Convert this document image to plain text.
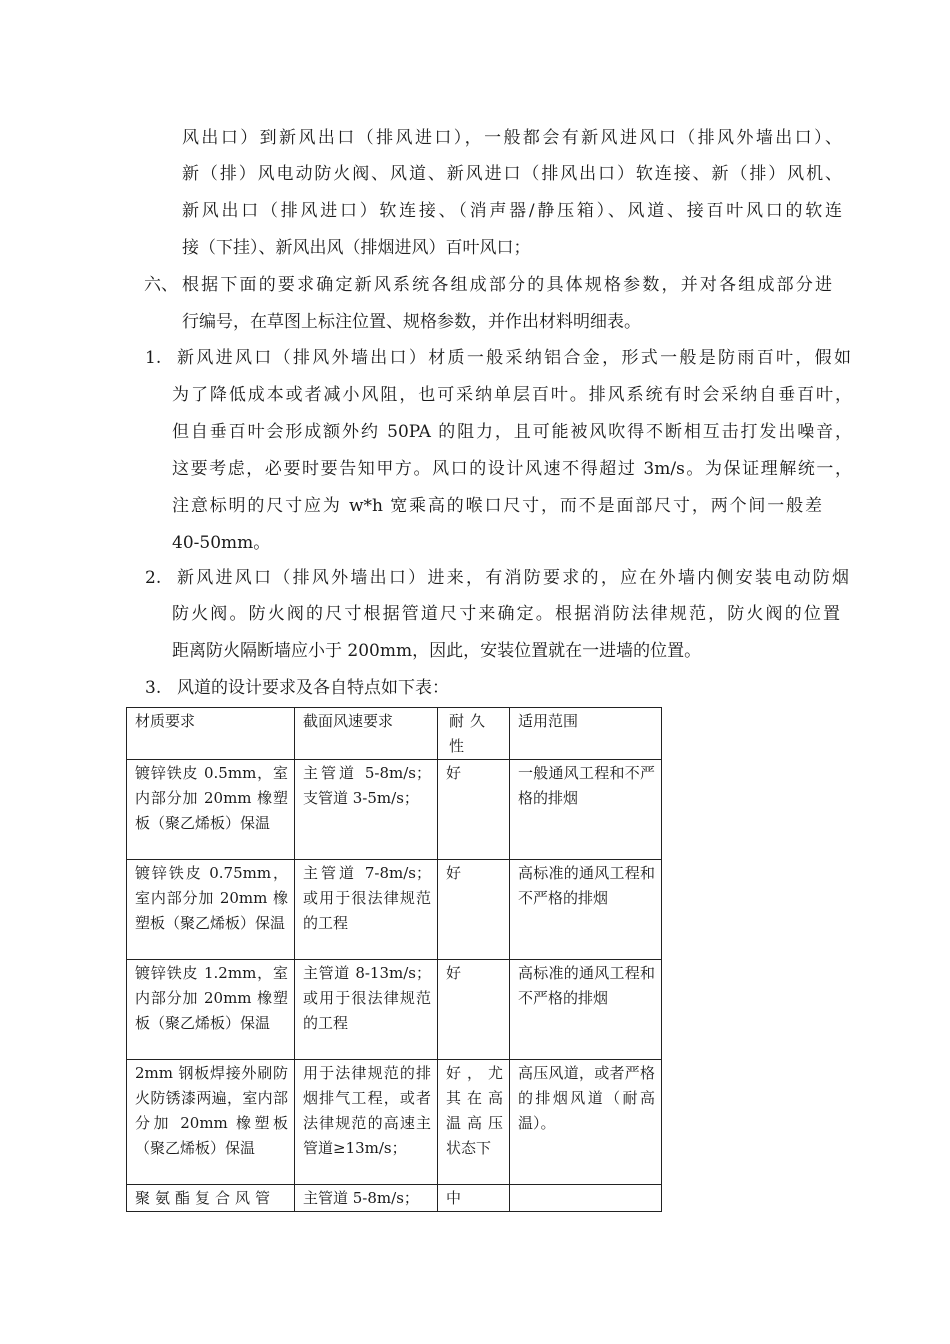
风出口）到新风出口（排风进口），一般都会有新风进风口（排风外墙出口）、
新（排）风电动防火阀、风道、新风进口（排风出口）软连接、新（排）风机、
新风出口（排风进口）软连接、（消声器/静压箱）、风道、接百叶风口的软连
接（下挂）、新风出风（排烟进风）百叶风口；
六、 根据下面的要求确定新风系统各组成部分的具体规格参数，并对各组成部分进
行编号，在草图上标注位置、规格参数，并作出材料明细表。
1. 新风进风口（排风外墙出口）材质一般采纳铝合金，形式一般是防雨百叶，假如
为了降低成本或者减小风阻，也可采纳单层百叶。排风系统有时会采纳自垂百叶，
但自垂百叶会形成额外约 50PA 的阻力，且可能被风吹得不断相互击打发出噪音，
这要考虑，必要时要告知甲方。风口的设计风速不得超过 3m/s。为保证理解统一，
注意标明的尺寸应为 w*h 宽乘高的喉口尺寸，而不是面部尺寸，两个间一般差
40-50mm。
2. 新风进风口（排风外墙出口）进来，有消防要求的，应在外墙内侧安装电动防烟
防火阀。防火阀的尺寸根据管道尺寸来确定。根据消防法律规范，防火阀的位置
距离防火隔断墙应小于 200mm，因此，安装位置就在一进墙的位置。
3. 风道的设计要求及各自特点如下表：
材质要求	截面风速要求	耐久性	适用范围
镀锌铁皮 0.5mm，室内部分加 20mm 橡塑板（聚乙烯板）保温	主管道 5-8m/s；支管道 3-5m/s；	好	一般通风工程和不严格的排烟
镀锌铁皮 0.75mm，室内部分加 20mm 橡塑板（聚乙烯板）保温	主管道 7-8m/s；或用于很法律规范的工程	好	高标准的通风工程和不严格的排烟
镀锌铁皮 1.2mm，室内部分加 20mm 橡塑板（聚乙烯板）保温	主管道 8-13m/s；或用于很法律规范的工程	好	高标准的通风工程和不严格的排烟
2mm 钢板焊接外刷防火防锈漆两遍，室内部分加 20mm 橡塑板（聚乙烯板）保温	用于法律规范的排烟排气工程，或者法律规范的高速主管道≥13m/s；	好，尤其在高温高压状态下	高压风道，或者严格的排烟风道（耐高温）。
聚氨酯复合风管	主管道 5-8m/s；	中	
